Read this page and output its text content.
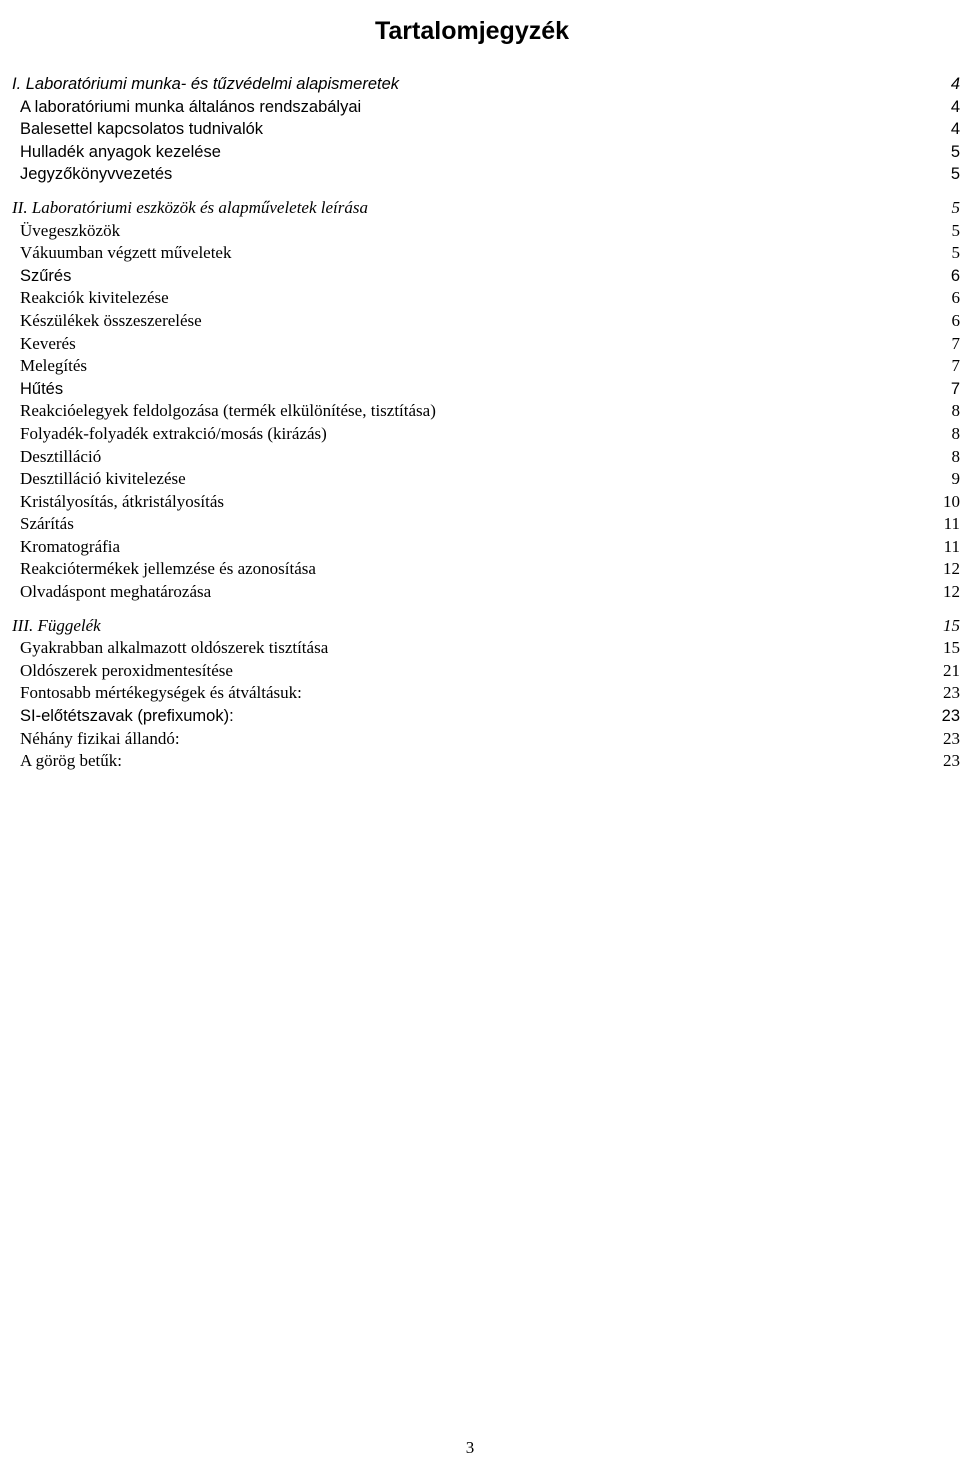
Tartalomjegyzék
I. Laboratóriumi munka- és tűzvédelmi alapismeretek	4
A laboratóriumi munka általános rendszabályai	4
Balesettel kapcsolatos tudnivalók	4
Hulladék anyagok kezelése	5
Jegyzőkönyvvezetés	5
II. Laboratóriumi eszközök és alapműveletek leírása	5
Üvegeszközök	5
Vákuumban végzett műveletek	5
Szűrés	6
Reakciók kivitelezése	6
Készülékek összeszerelése	6
Keverés	7
Melegítés	7
Hűtés	7
Reakcióelegyek feldolgozása (termék elkülönítése, tisztítása)	8
Folyadék-folyadék extrakció/mosás (kirázás)	8
Desztilláció	8
Desztilláció kivitelezése	9
Kristályosítás, átkristályosítás	10
Szárítás	11
Kromatográfia	11
Reakciótermékek jellemzése és azonosítása	12
Olvadáspont meghatározása	12
III. Függelék	15
Gyakrabban alkalmazott oldószerek tisztítása	15
Oldószerek peroxidmentesítése	21
Fontosabb mértékegységek és átváltásuk:	23
SI-előtétszavak (prefixumok):	23
Néhány fizikai állandó:	23
A görög betűk:	23
3
